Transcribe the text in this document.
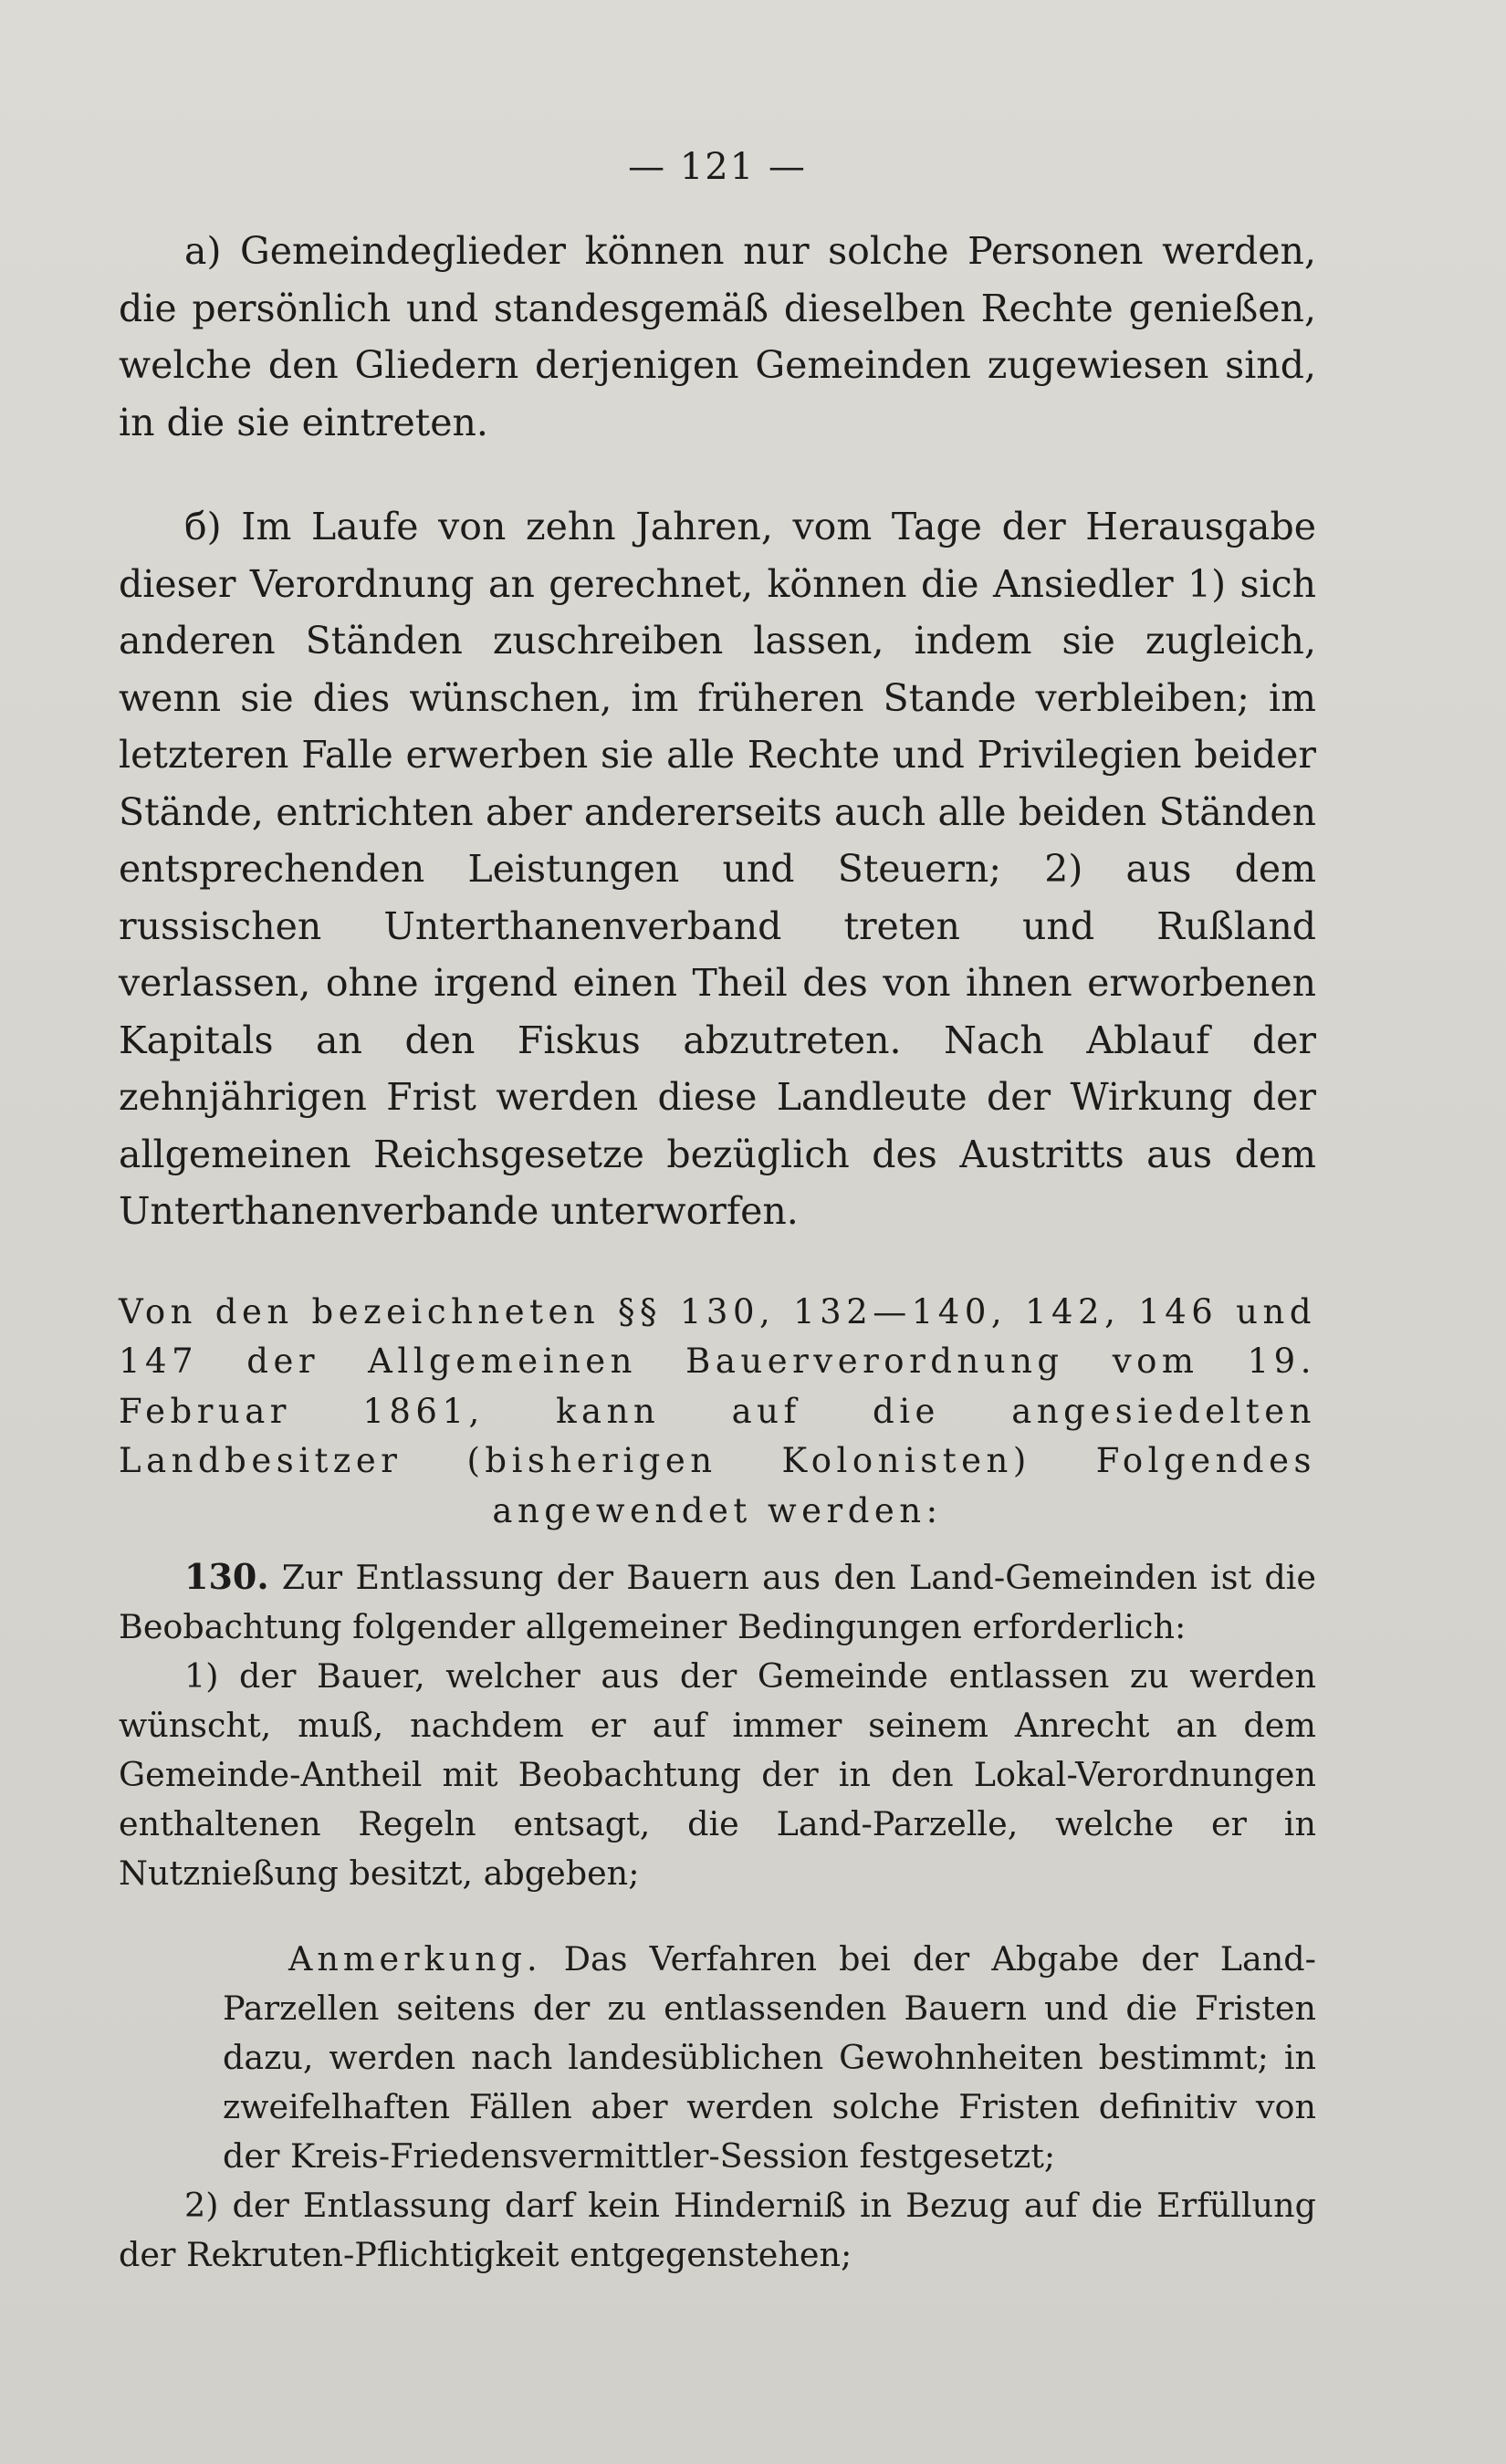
— 121 —

a) Gemeindeglieder können nur solche Personen werden, die persönlich und standesgemäß dieselben Rechte genießen, welche den Gliedern derjenigen Gemeinden zugewiesen sind, in die sie eintreten.

б) Im Laufe von zehn Jahren, vom Tage der Herausgabe dieser Verordnung an gerechnet, können die Ansiedler 1) sich anderen Ständen zuschreiben lassen, indem sie zugleich, wenn sie dies wünschen, im früheren Stande verbleiben; im letzteren Falle erwerben sie alle Rechte und Privilegien beider Stände, entrichten aber andererseits auch alle beiden Ständen entsprechenden Leistungen und Steuern; 2) aus dem russischen Unterthanenverband treten und Rußland verlassen, ohne irgend einen Theil des von ihnen erworbenen Kapitals an den Fiskus abzutreten. Nach Ablauf der zehnjährigen Frist werden diese Landleute der Wirkung der allgemeinen Reichsgesetze bezüglich des Austritts aus dem Unterthanenverbande unterworfen.

Von den bezeichneten §§ 130, 132—140, 142, 146 und 147 der Allgemeinen Bauerverordnung vom 19. Februar 1861, kann auf die angesiedelten Landbesitzer (bisherigen Kolonisten) Folgendes angewendet werden:

130. Zur Entlassung der Bauern aus den Land-Gemeinden ist die Beobachtung folgender allgemeiner Bedingungen erforderlich:

1) der Bauer, welcher aus der Gemeinde entlassen zu werden wünscht, muß, nachdem er auf immer seinem Anrecht an dem Gemeinde-Antheil mit Beobachtung der in den Lokal-Verordnungen enthaltenen Regeln entsagt, die Land-Parzelle, welche er in Nutznießung besitzt, abgeben;

Anmerkung. Das Verfahren bei der Abgabe der Land-Parzellen seitens der zu entlassenden Bauern und die Fristen dazu, werden nach landesüblichen Gewohnheiten bestimmt; in zweifelhaften Fällen aber werden solche Fristen definitiv von der Kreis-Friedensvermittler-Session festgesetzt;

2) der Entlassung darf kein Hinderniß in Bezug auf die Erfüllung der Rekruten-Pflichtigkeit entgegenstehen;
